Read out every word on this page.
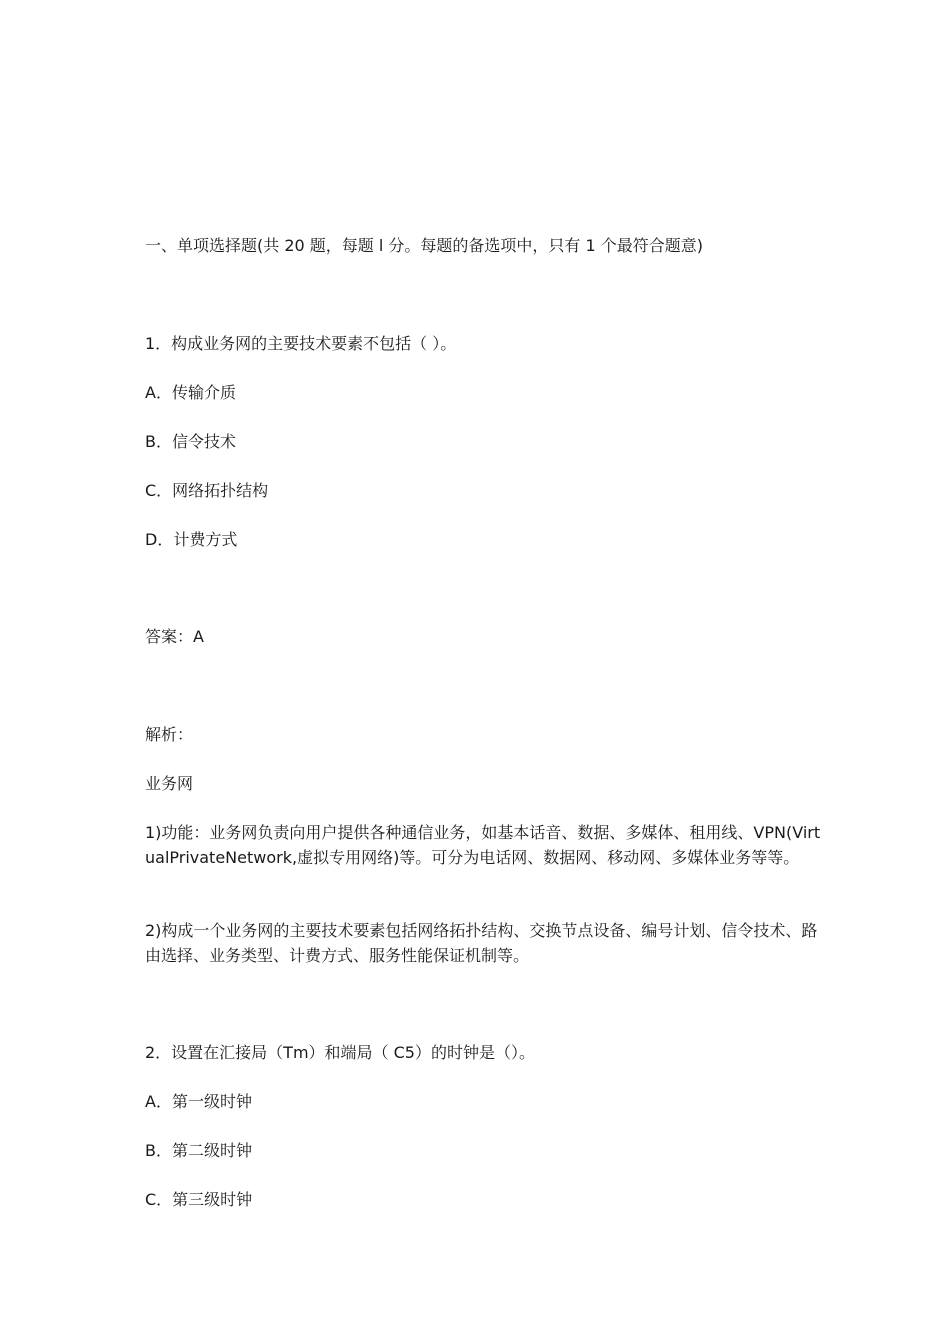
一、单项选择题(共 20 题，每题 l 分。每题的备选项中，只有 1 个最符合题意)
1．构成业务网的主要技术要素不包括（ ）。
A．传输介质
B．信令技术
C．网络拓扑结构
D．计费方式
答案：A
解析：
业务网
1)功能：业务网负责向用户提供各种通信业务，如基本话音、数据、多媒体、租用线、VPN(VirtualPrivateNetwork,虚拟专用网络)等。可分为电话网、数据网、移动网、多媒体业务等等。
2)构成一个业务网的主要技术要素包括网络拓扑结构、交换节点设备、编号计划、信令技术、路由选择、业务类型、计费方式、服务性能保证机制等。
2．设置在汇接局（Tm）和端局（ C5）的时钟是（）。
A．第一级时钟
B．第二级时钟
C．第三级时钟
